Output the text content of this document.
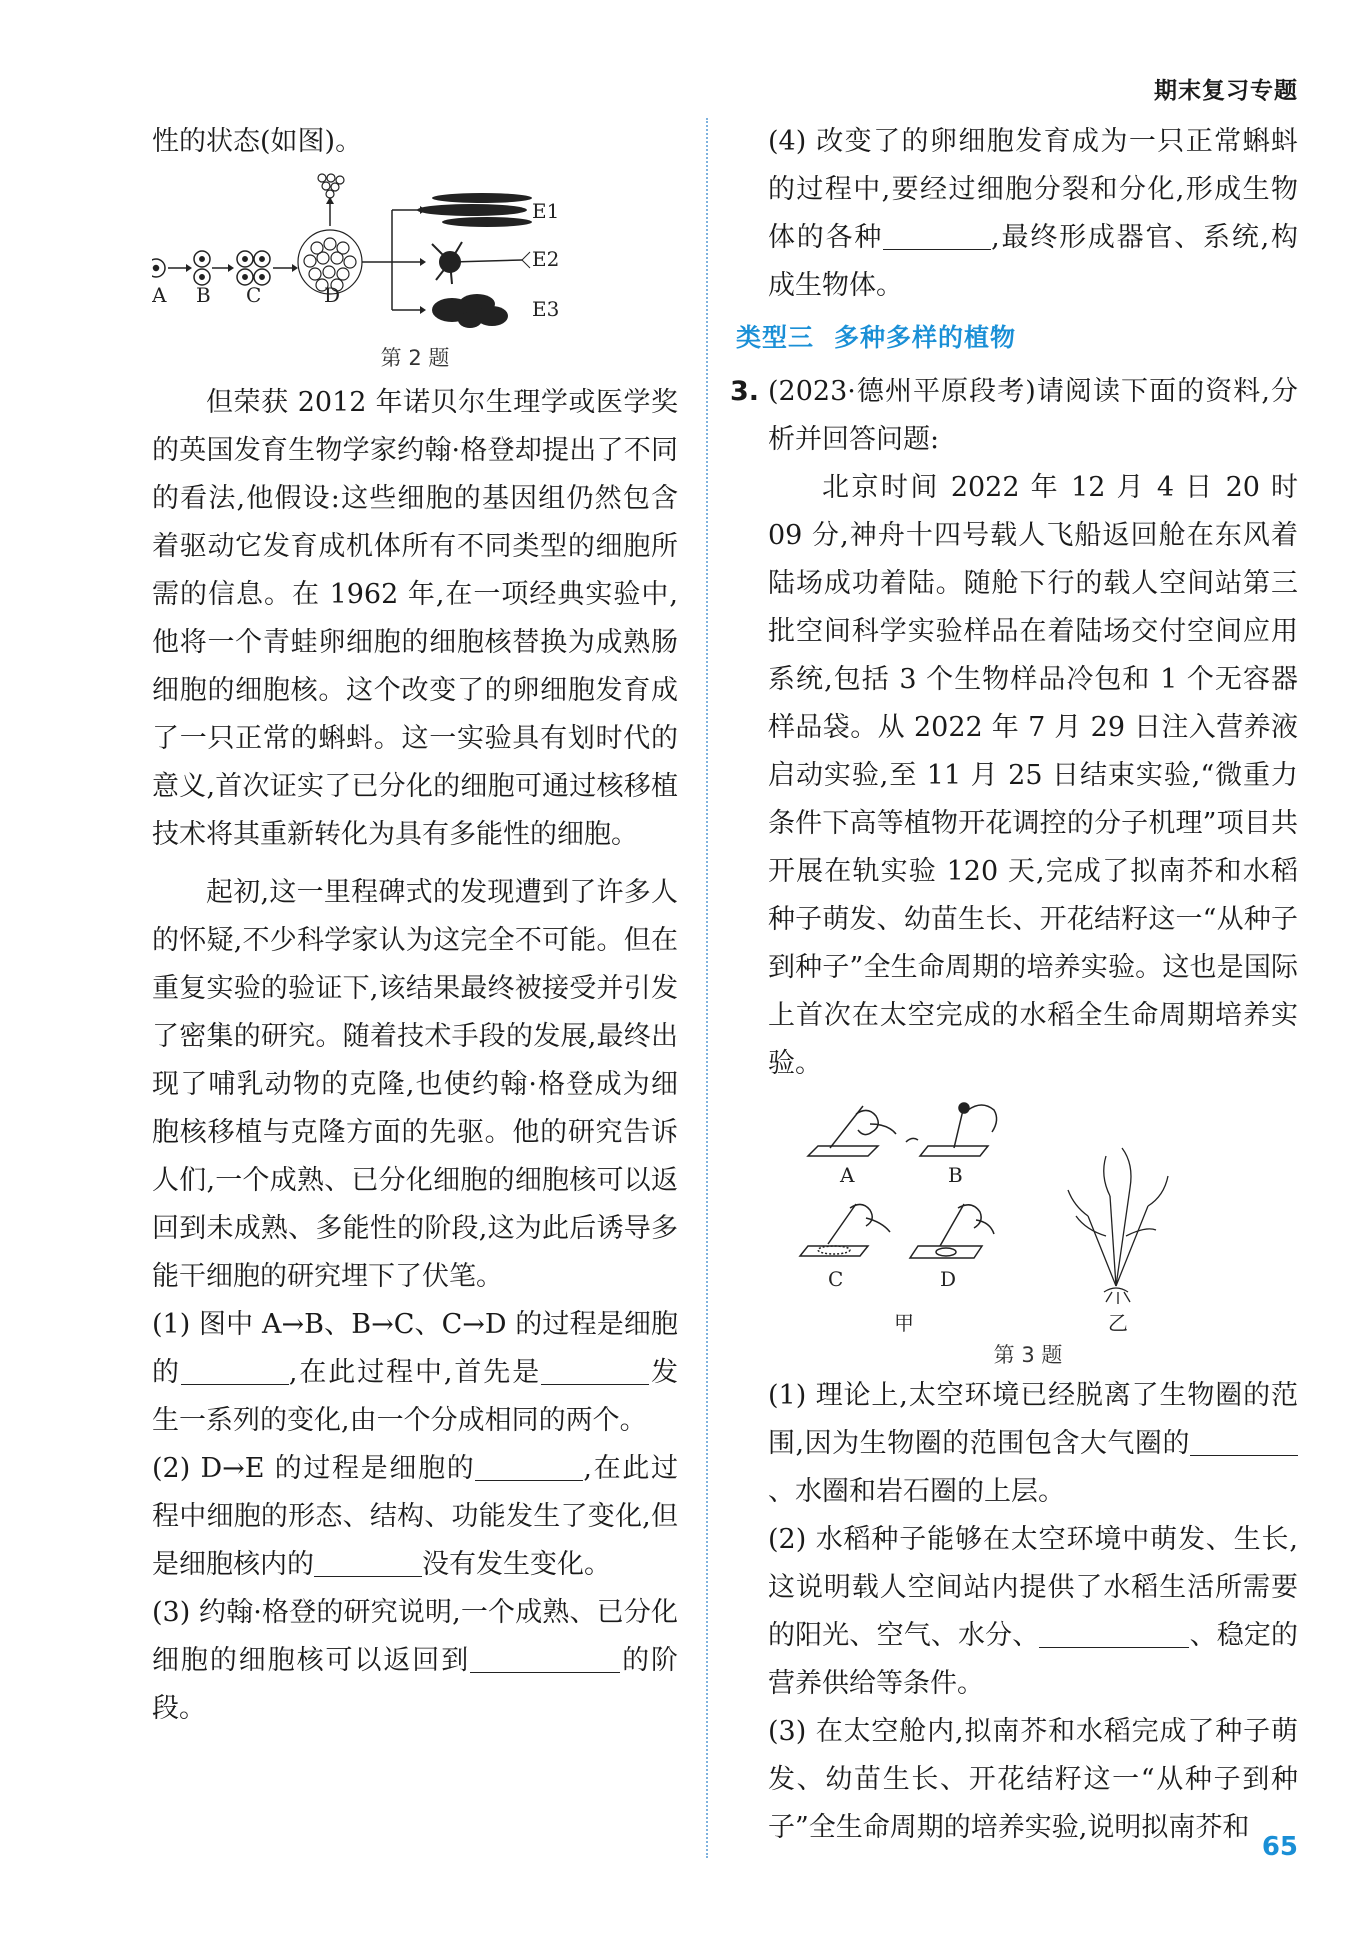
期末复习专题

性的状态(如图)。

A B C	D
E1
E2
E3
第 2 题

但荣获 2012 年诺贝尔生理学或医学奖的英国发育生物学家约翰·格登却提出了不同的看法,他假设:这些细胞的基因组仍然包含着驱动它发育成机体所有不同类型的细胞所需的信息。在 1962 年,在一项经典实验中,他将一个青蛙卵细胞的细胞核替换为成熟肠细胞的细胞核。这个改变了的卵细胞发育成了一只正常的蝌蚪。这一实验具有划时代的意义,首次证实了已分化的细胞可通过核移植技术将其重新转化为具有多能性的细胞。

起初,这一里程碑式的发现遭到了许多人的怀疑,不少科学家认为这完全不可能。但在重复实验的验证下,该结果最终被接受并引发了密集的研究。随着技术手段的发展,最终出现了哺乳动物的克隆,也使约翰·格登成为细胞核移植与克隆方面的先驱。他的研究告诉人们,一个成熟、已分化细胞的细胞核可以返回到未成熟、多能性的阶段,这为此后诱导多能干细胞的研究埋下了伏笔。

(1) 图中 A→B、B→C、C→D 的过程是细胞的	,在此过程中,首先是	发生一系列的变化,由一个分成相同的两个。

(2) D→E 的过程是细胞的	,在此过程中细胞的形态、结构、功能发生了变化,但是细胞核内的	没有发生变化。

(3) 约翰·格登的研究说明,一个成熟、已分化细胞的细胞核可以返回到	的阶段。

(4) 改变了的卵细胞发育成为一只正常蝌蚪的过程中,要经过细胞分裂和分化,形成生物体的各种	,最终形成器官、系统,构成生物体。

类型三 多种多样的植物

3. (2023·德州平原段考)请阅读下面的资料,分析并回答问题:

北京时间 2022 年 12 月 4 日 20 时 09 分,神舟十四号载人飞船返回舱在东风着陆场成功着陆。随舱下行的载人空间站第三批空间科学实验样品在着陆场交付空间应用系统,包括 3 个生物样品冷包和 1 个无容器样品袋。从 2022 年 7 月 29 日注入营养液启动实验,至 11 月 25 日结束实验,“微重力条件下高等植物开花调控的分子机理”项目共开展在轨实验 120 天,完成了拟南芥和水稻种子萌发、幼苗生长、开花结籽这一“从种子到种子”全生命周期的培养实验。这也是国际上首次在太空完成的水稻全生命周期培养实验。

A	B
C	D
甲	乙
第 3 题

(1) 理论上,太空环境已经脱离了生物圈的范围,因为生物圈的范围包含大气圈的、水圈和岩石圈的上层。

(2) 水稻种子能够在太空环境中萌发、生长,这说明载人空间站内提供了水稻生活所需要的阳光、空气、水分、	、稳定的营养供给等条件。

(3) 在太空舱内,拟南芥和水稻完成了种子萌发、幼苗生长、开花结籽这一“从种子到种子”全生命周期的培养实验,说明拟南芥和

65
